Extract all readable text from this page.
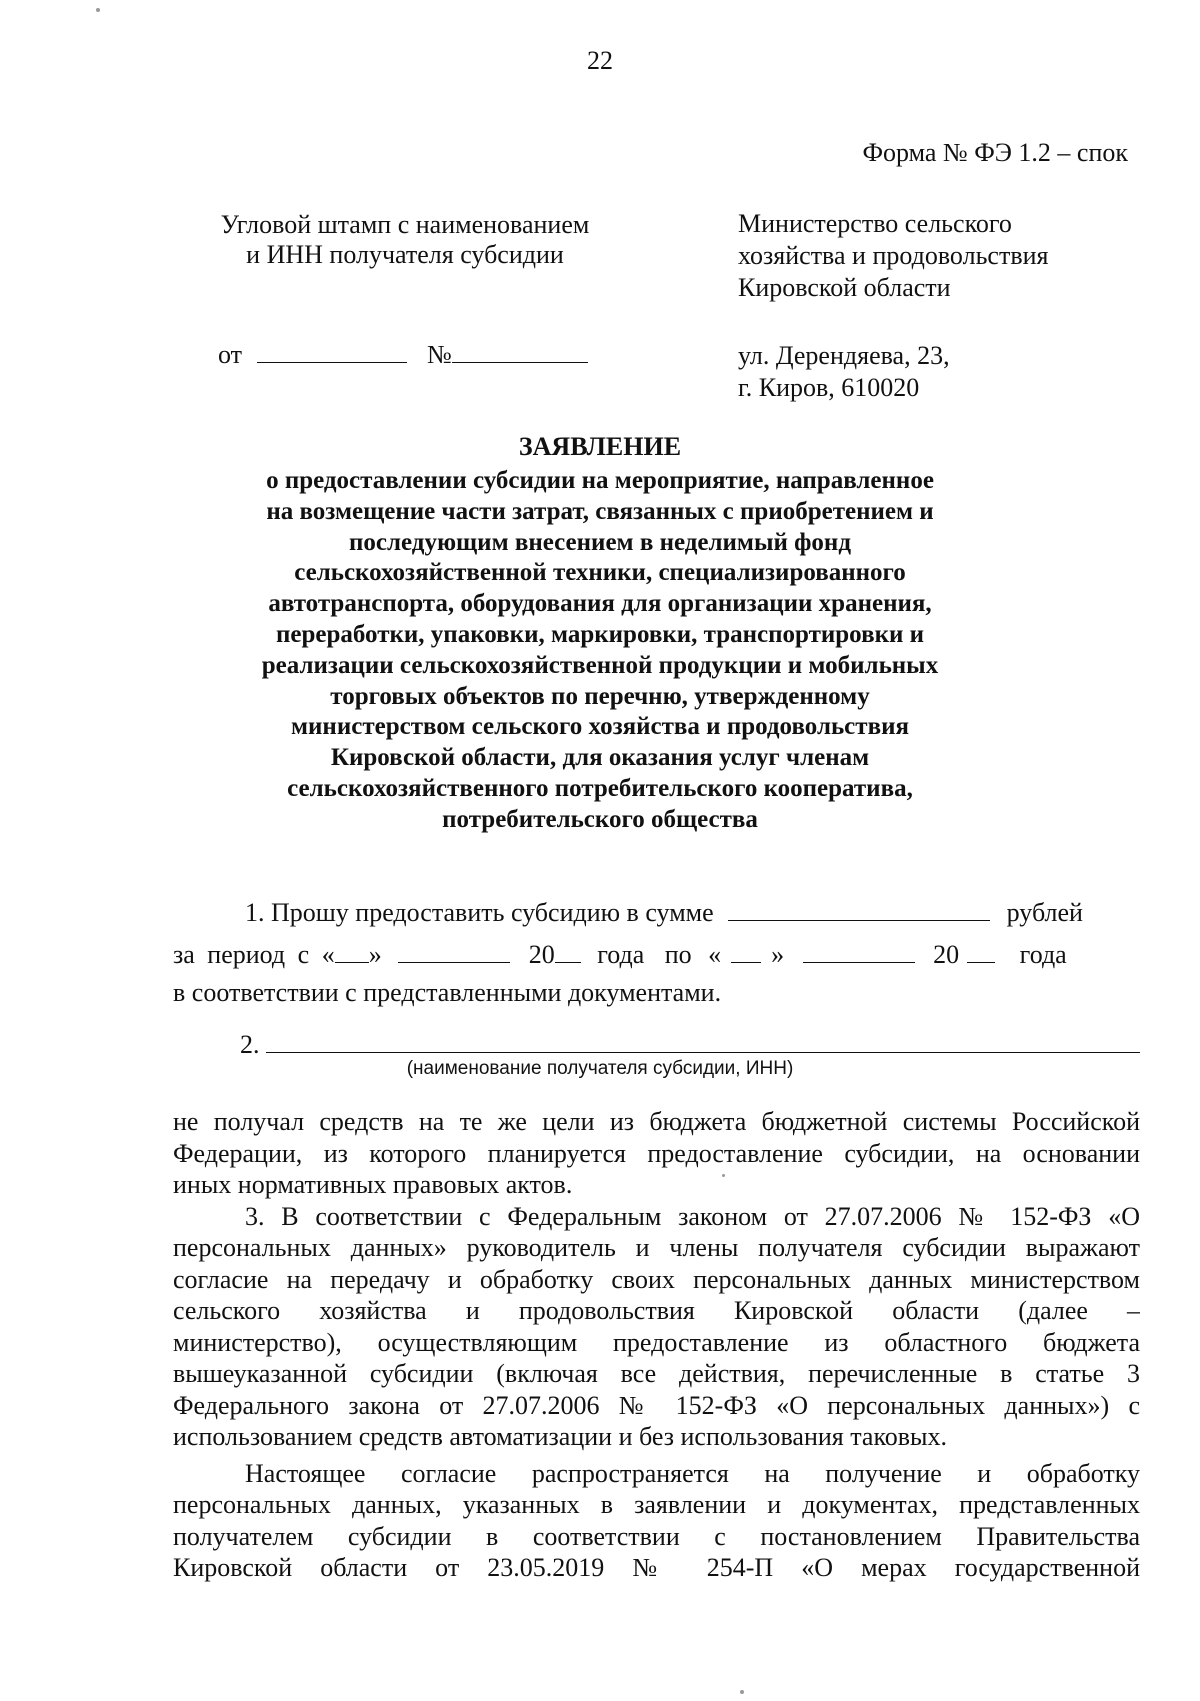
22
Форма № ФЭ 1.2 – спок
Угловой штамп с наименованием
и ИНН получателя субсидии
Министерство сельского
хозяйства и продовольствия
Кировской области
от	№	ул. Дерендяева, 23,
г. Киров, 610020
ЗАЯВЛЕНИЕ
о предоставлении субсидии на мероприятие, направленное
на возмещение части затрат, связанных с приобретением и
последующим внесением в неделимый фонд
сельскохозяйственной техники, специализированного
автотранспорта, оборудования для организации хранения,
переработки, упаковки, маркировки, транспортировки и
реализации сельскохозяйственной продукции и мобильных
торговых объектов по перечню, утвержденному
министерством сельского хозяйства и продовольствия
Кировской области, для оказания услуг членам
сельскохозяйственного потребительского кооператива,
потребительского общества
1. Прошу предоставить субсидию в сумме	рублей
за период с « »	20 года по « »	20 года
в соответствии с представленными документами.
2.
(наименование получателя субсидии, ИНН)
не получал средств на те же цели из бюджета бюджетной системы Российской
Федерации, из которого планируется предоставление субсидии, на основании
иных нормативных правовых актов.
3. В соответствии с Федеральным законом от 27.07.2006 № 152-ФЗ «О
персональных данных» руководитель и члены получателя субсидии выражают
согласие на передачу и обработку своих персональных данных министерством
сельского хозяйства и продовольствия Кировской области (далее –
министерство), осуществляющим предоставление из областного бюджета
вышеуказанной субсидии (включая все действия, перечисленные в статье 3
Федерального закона от 27.07.2006 № 152-ФЗ «О персональных данных») с
использованием средств автоматизации и без использования таковых.
Настоящее согласие распространяется на получение и обработку
персональных данных, указанных в заявлении и документах, представленных
получателем субсидии в соответствии с постановлением Правительства
Кировской области от 23.05.2019 № 254-П «О мерах государственной
